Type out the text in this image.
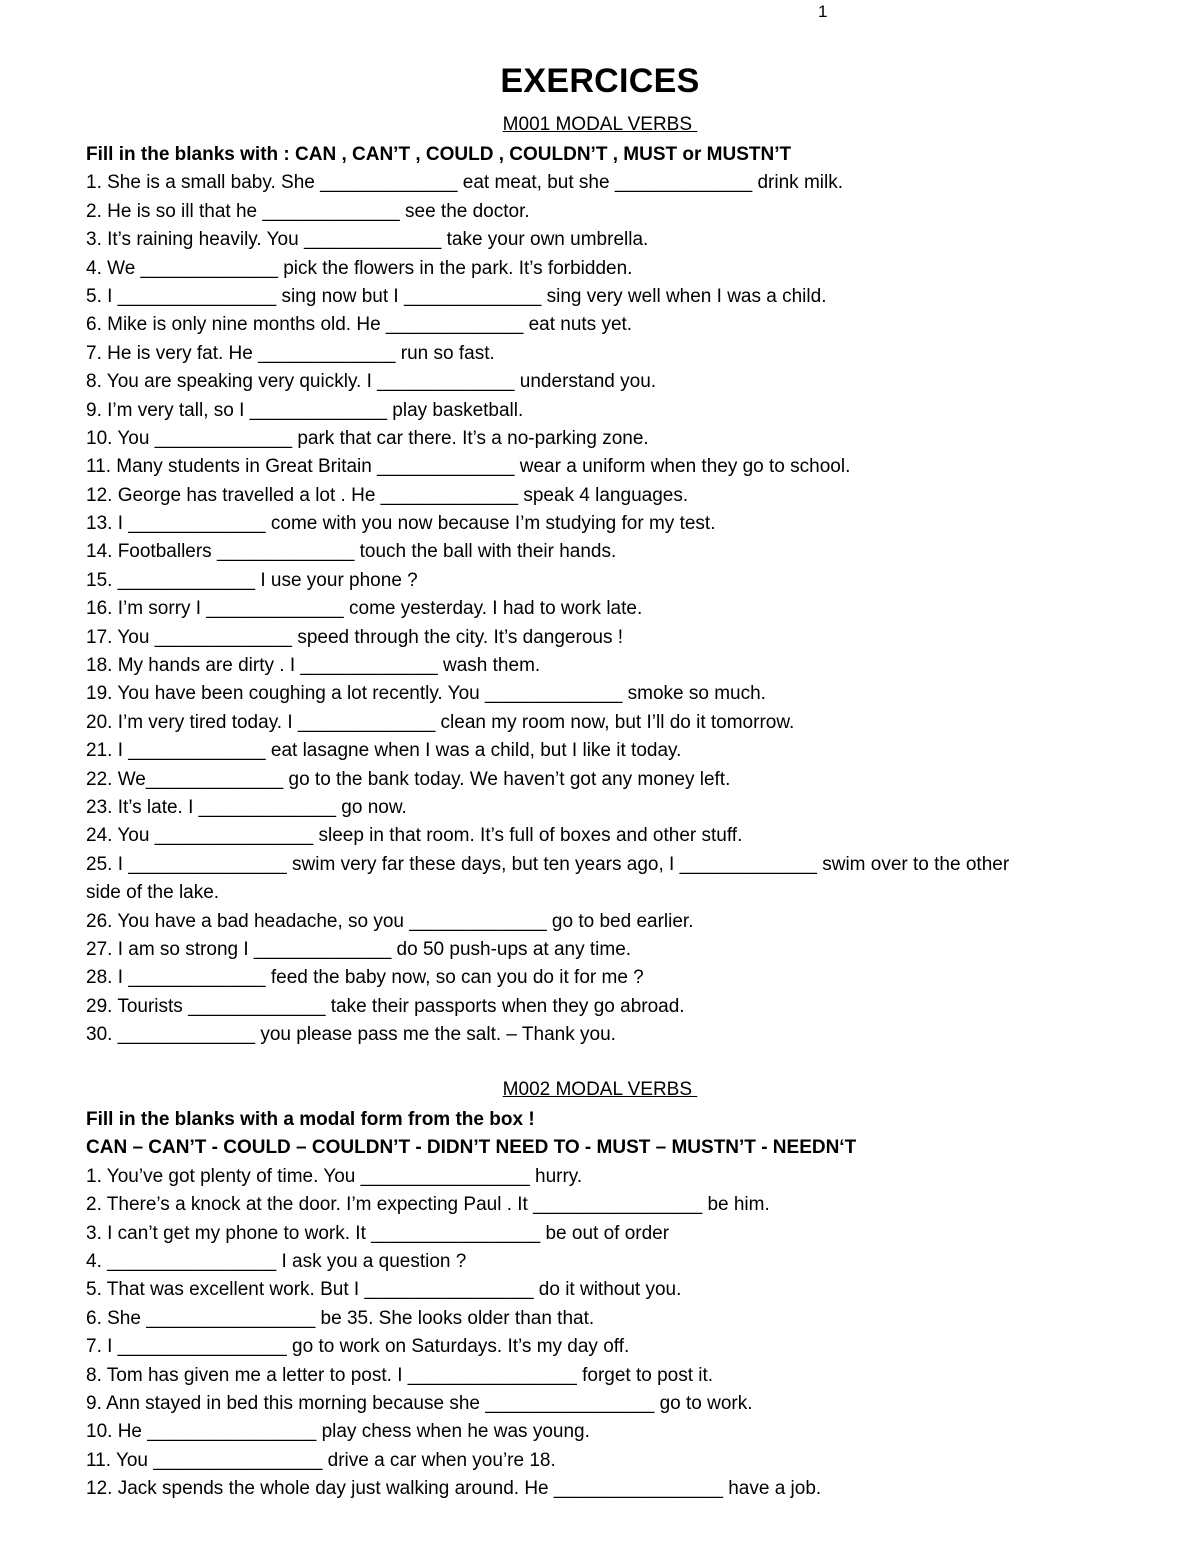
1
EXERCICES
M001 MODAL VERBS
Fill in the blanks with : CAN , CAN’T , COULD , COULDN’T , MUST or MUSTN’T
1. She is a small baby. She _____________ eat meat, but she _____________ drink milk.
2. He is so ill that he _____________ see the doctor.
3. It’s raining heavily. You _____________ take your own umbrella.
4. We _____________ pick the flowers in the park. It’s forbidden.
5. I _______________ sing now but I _____________ sing very well when I was a child.
6. Mike is only nine months old. He _____________ eat nuts yet.
7. He is very fat. He _____________ run so fast.
8. You are speaking very quickly. I _____________ understand you.
9. I’m very tall, so I _____________ play basketball.
10. You _____________ park that car there. It’s a no-parking zone.
11. Many students in Great Britain _____________ wear a uniform when they go to school.
12. George has travelled a lot . He _____________ speak 4 languages.
13. I _____________ come with you now because I’m studying for my test.
14. Footballers _____________ touch the ball with their hands.
15. _____________ I use your phone ?
16. I’m sorry I _____________ come yesterday. I had to work late.
17. You _____________ speed through the city. It’s dangerous !
18. My hands are dirty . I _____________ wash them.
19. You have been coughing a lot recently. You _____________ smoke so much.
20. I’m very tired today. I _____________ clean my room now, but I’ll do it tomorrow.
21. I _____________ eat lasagne when I was a child, but I like it today.
22. We_____________ go to the bank today. We haven’t got any money left.
23. It’s late. I _____________ go now.
24. You _______________ sleep in that room. It’s full of boxes and other stuff.
25. I _______________ swim very far these days, but ten years ago, I _____________ swim over to the other side of the lake.
26. You have a bad headache, so you _____________ go to bed earlier.
27. I am so strong I _____________ do 50 push-ups at any time.
28. I _____________ feed the baby now, so can you do it for me ?
29. Tourists _____________ take their passports when they go abroad.
30. _____________ you please pass me the salt. – Thank you.
M002 MODAL VERBS
Fill in the blanks with a modal form from the box !
CAN – CAN’T - COULD – COULDN’T - DIDN’T NEED TO - MUST – MUSTN’T - NEEDN‘T
1. You’ve got plenty of time. You ________________ hurry.
2. There’s a knock at the door. I’m expecting Paul . It ________________ be him.
3. I can’t get my phone to work. It ________________ be out of order
4. ________________ I ask you a question ?
5. That was excellent work. But I ________________ do it without you.
6. She ________________ be 35. She looks older than that.
7. I ________________ go to work on Saturdays. It’s my day off.
8. Tom has given me a letter to post. I ________________ forget to post it.
9. Ann stayed in bed this morning because she ________________ go to work.
10. He ________________ play chess when he was young.
11. You ________________ drive a car when you’re 18.
12. Jack spends the whole day just walking around. He ________________ have a job.
